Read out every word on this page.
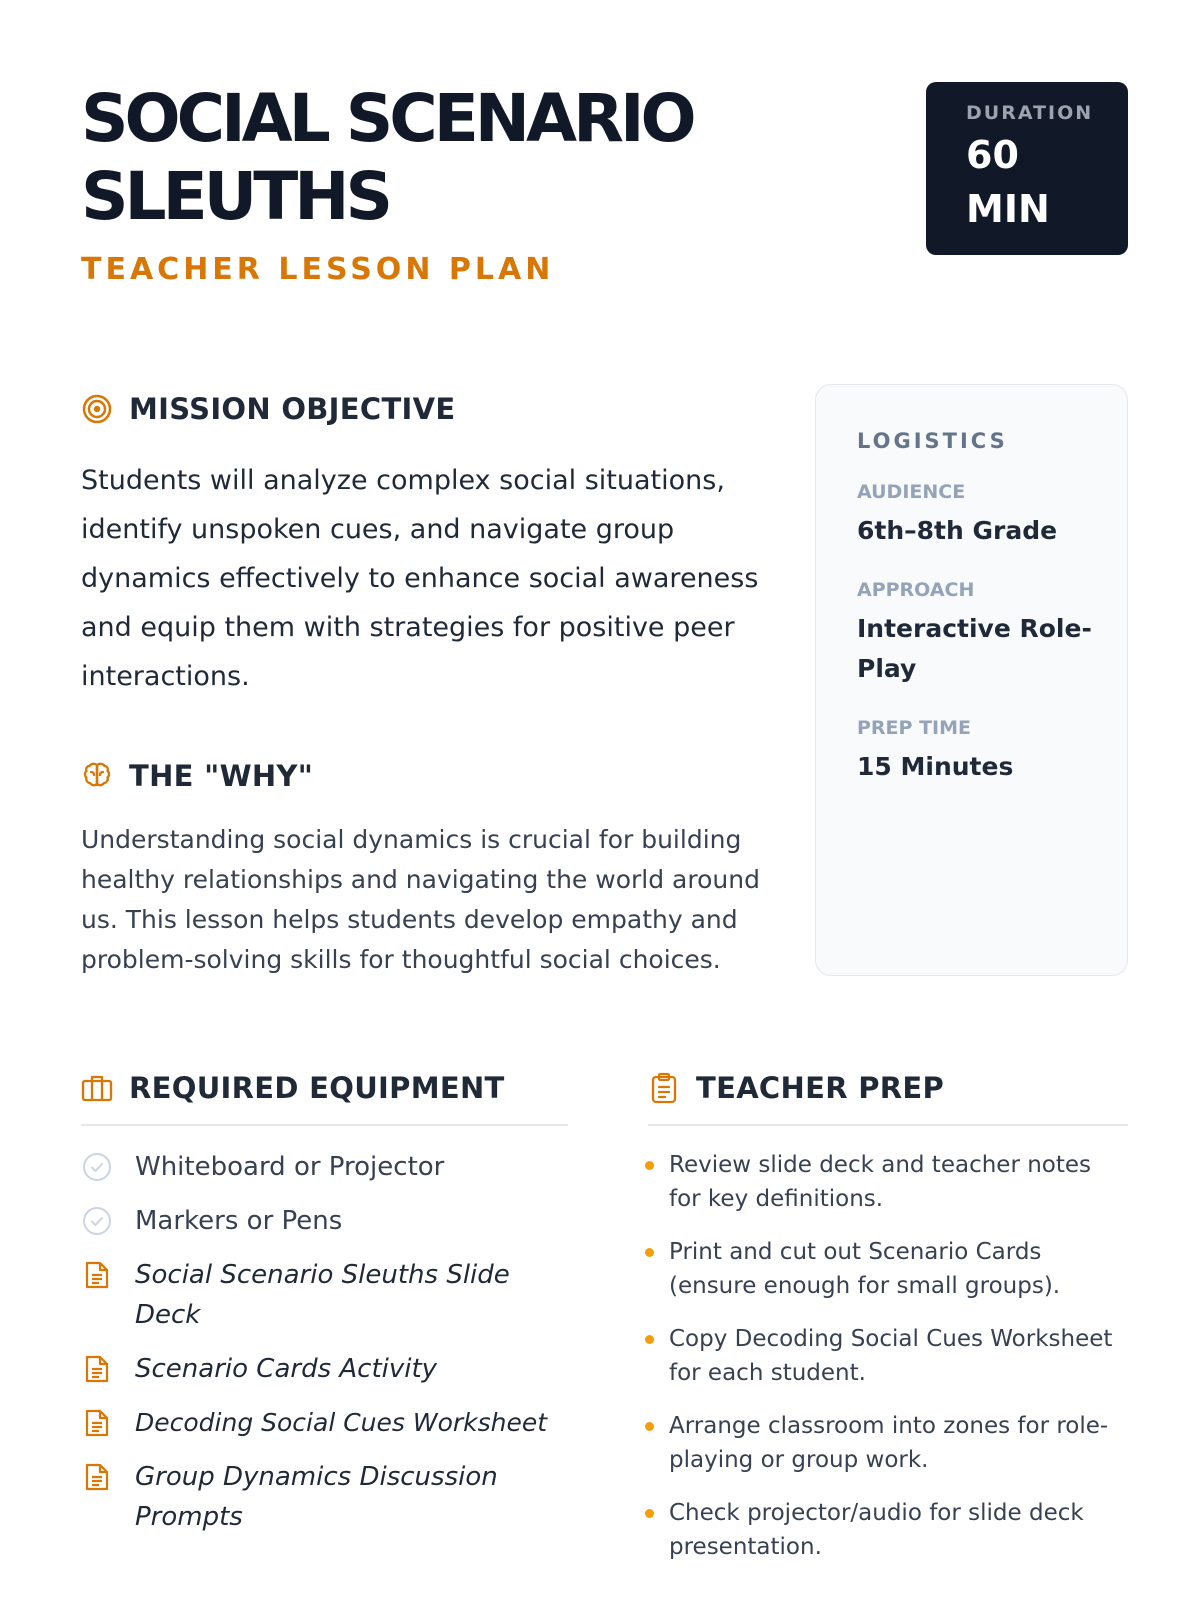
SOCIAL SCENARIO
SLEUTHS
TEACHER LESSON PLAN
DURATION
60
MIN
MISSION OBJECTIVE

Students will analyze complex social situations, identify unspoken cues, and navigate group dynamics effectively to enhance social awareness and equip them with strategies for positive peer interactions.

THE "WHY"

Understanding social dynamics is crucial for building healthy relationships and navigating the world around us. This lesson helps students develop empathy and problem-solving skills for thoughtful social choices.

LOGISTICS
AUDIENCE
6th–8th Grade
APPROACH
Interactive Role-Play
PREP TIME
15 Minutes
REQUIRED EQUIPMENT
Whiteboard or Projector
Markers or Pens
Social Scenario Sleuths Slide Deck
Scenario Cards Activity
Decoding Social Cues Worksheet
Group Dynamics Discussion Prompts
TEACHER PREP
Review slide deck and teacher notes for key definitions.
Print and cut out Scenario Cards (ensure enough for small groups).
Copy Decoding Social Cues Worksheet for each student.
Arrange classroom into zones for role-playing or group work.
Check projector/audio for slide deck presentation.
